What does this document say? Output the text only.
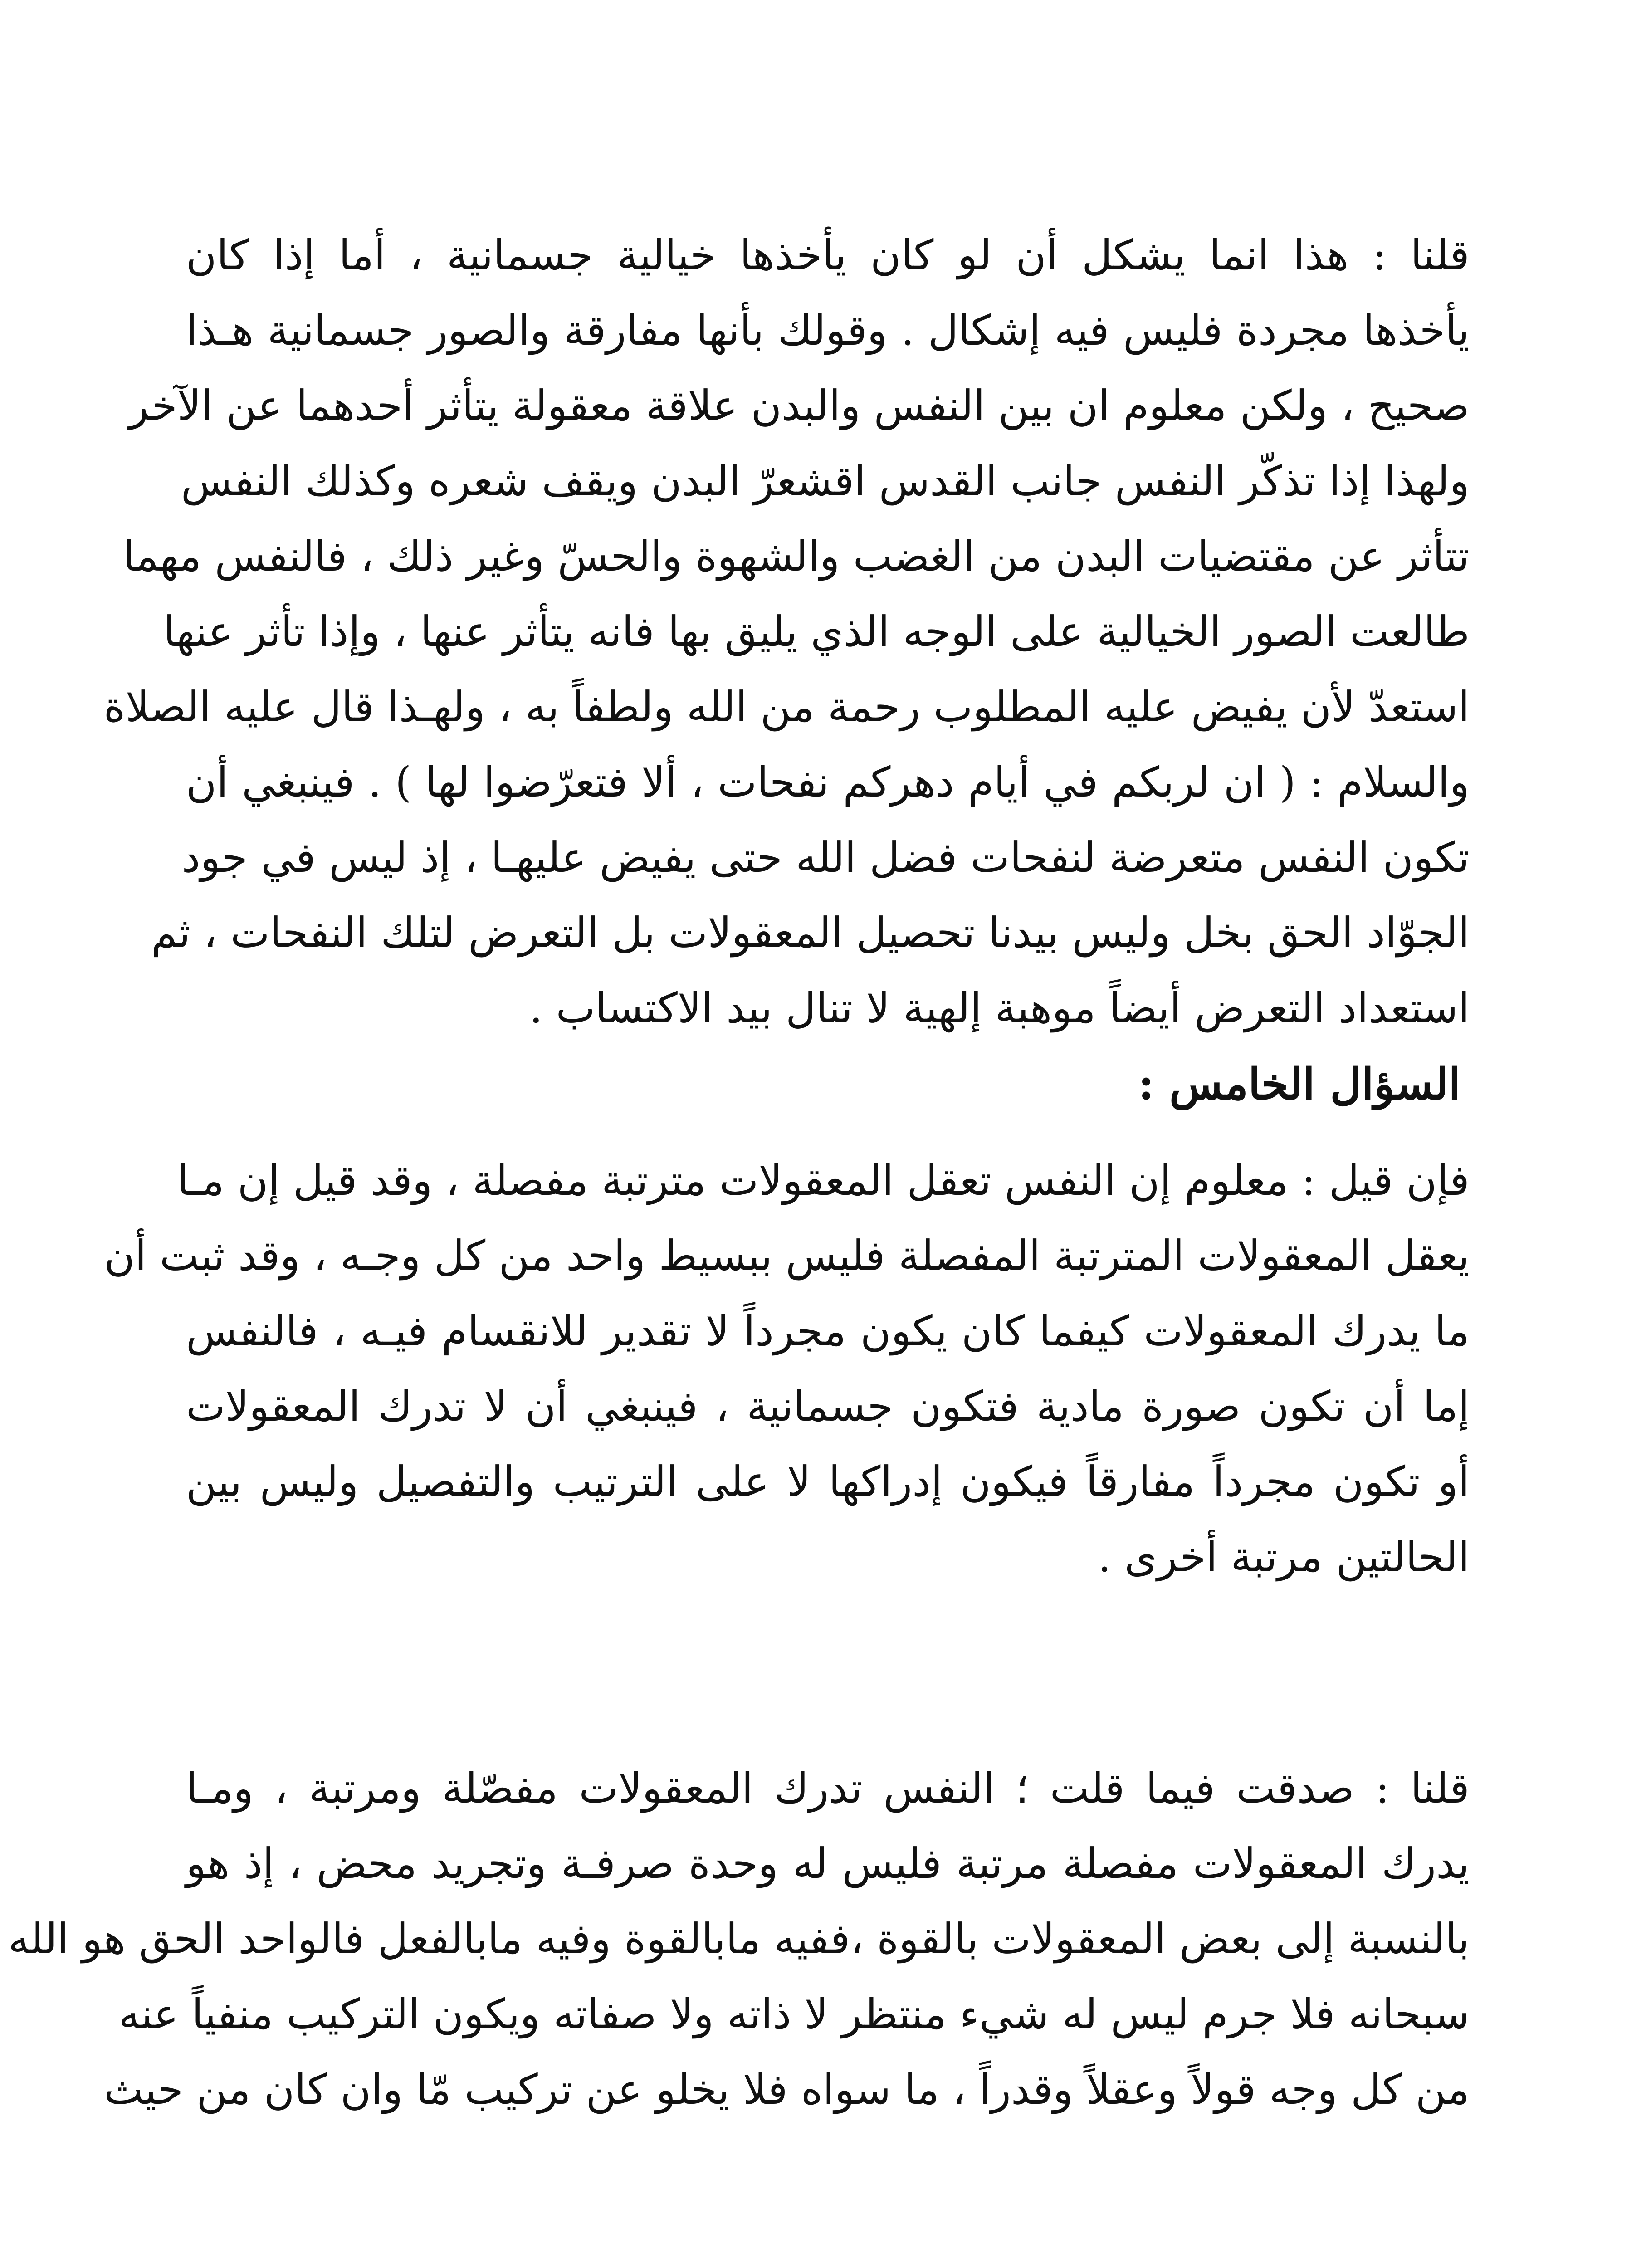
قلنا : هذا انما يشكل أن لو كان يأخذها خيالية جسمانية ، أما إذا كان
يأخذها مجردة فليس فيه إشكال . وقولك بأنها مفارقة والصور جسمانية هـذا
صحيح ، ولكن معلوم ان بين النفس والبدن علاقة معقولة يتأثر أحدهما عن الآخر
ولهذا إذا تذكّر النفس جانب القدس اقشعرّ البدن ويقف شعره وكذلك النفس
تتأثر عن مقتضيات البدن من الغضب والشهوة والحسّ وغير ذلك ، فالنفس مهما
طالعت الصور الخيالية على الوجه الذي يليق بها فانه يتأثر عنها ، وإذا تأثر عنها
استعدّ لأن يفيض عليه المطلوب رحمة من الله ولطفاً به ، ولهـذا قال عليه الصلاة
والسلام : ( ان لربكم في أيام دهركم نفحات ، ألا فتعرّضوا لها ) . فينبغي أن
تكون النفس متعرضة لنفحات فضل الله حتى يفيض عليهـا ، إذ ليس في جود
الجوّاد الحق بخل وليس بيدنا تحصيل المعقولات بل التعرض لتلك النفحات ، ثم
استعداد التعرض أيضاً موهبة إلهية لا تنال بيد الاكتساب .
السؤال الخامس :
فإن قيل : معلوم إن النفس تعقل المعقولات مترتبة مفصلة ، وقد قيل إن مـا
يعقل المعقولات المترتبة المفصلة فليس ببسيط واحد من كل وجـه ، وقد ثبت أن
ما يدرك المعقولات كيفما كان يكون مجرداً لا تقدير للانقسام فيـه ، فالنفس
إما أن تكون صورة مادية فتكون جسمانية ، فينبغي أن لا تدرك المعقولات
أو تكون مجرداً مفارقاً فيكون إدراكها لا على الترتيب والتفصيل وليس بين
الحالتين مرتبة أخرى .
قلنا : صدقت فيما قلت ؛ النفس تدرك المعقولات مفصّلة ومرتبة ، ومـا
يدرك المعقولات مفصلة مرتبة فليس له وحدة صرفـة وتجريد محض ، إذ هو
بالنسبة إلى بعض المعقولات بالقوة ،ففيه مابالقوة وفيه مابالفعل فالواحد الحق هو الله
سبحانه فلا جرم ليس له شيء منتظر لا ذاته ولا صفاته ويكون التركيب منفياً عنه
من كل وجه قولاً وعقلاً وقدراً ، ما سواه فلا يخلو عن تركيب مّا وان كان من حيث
